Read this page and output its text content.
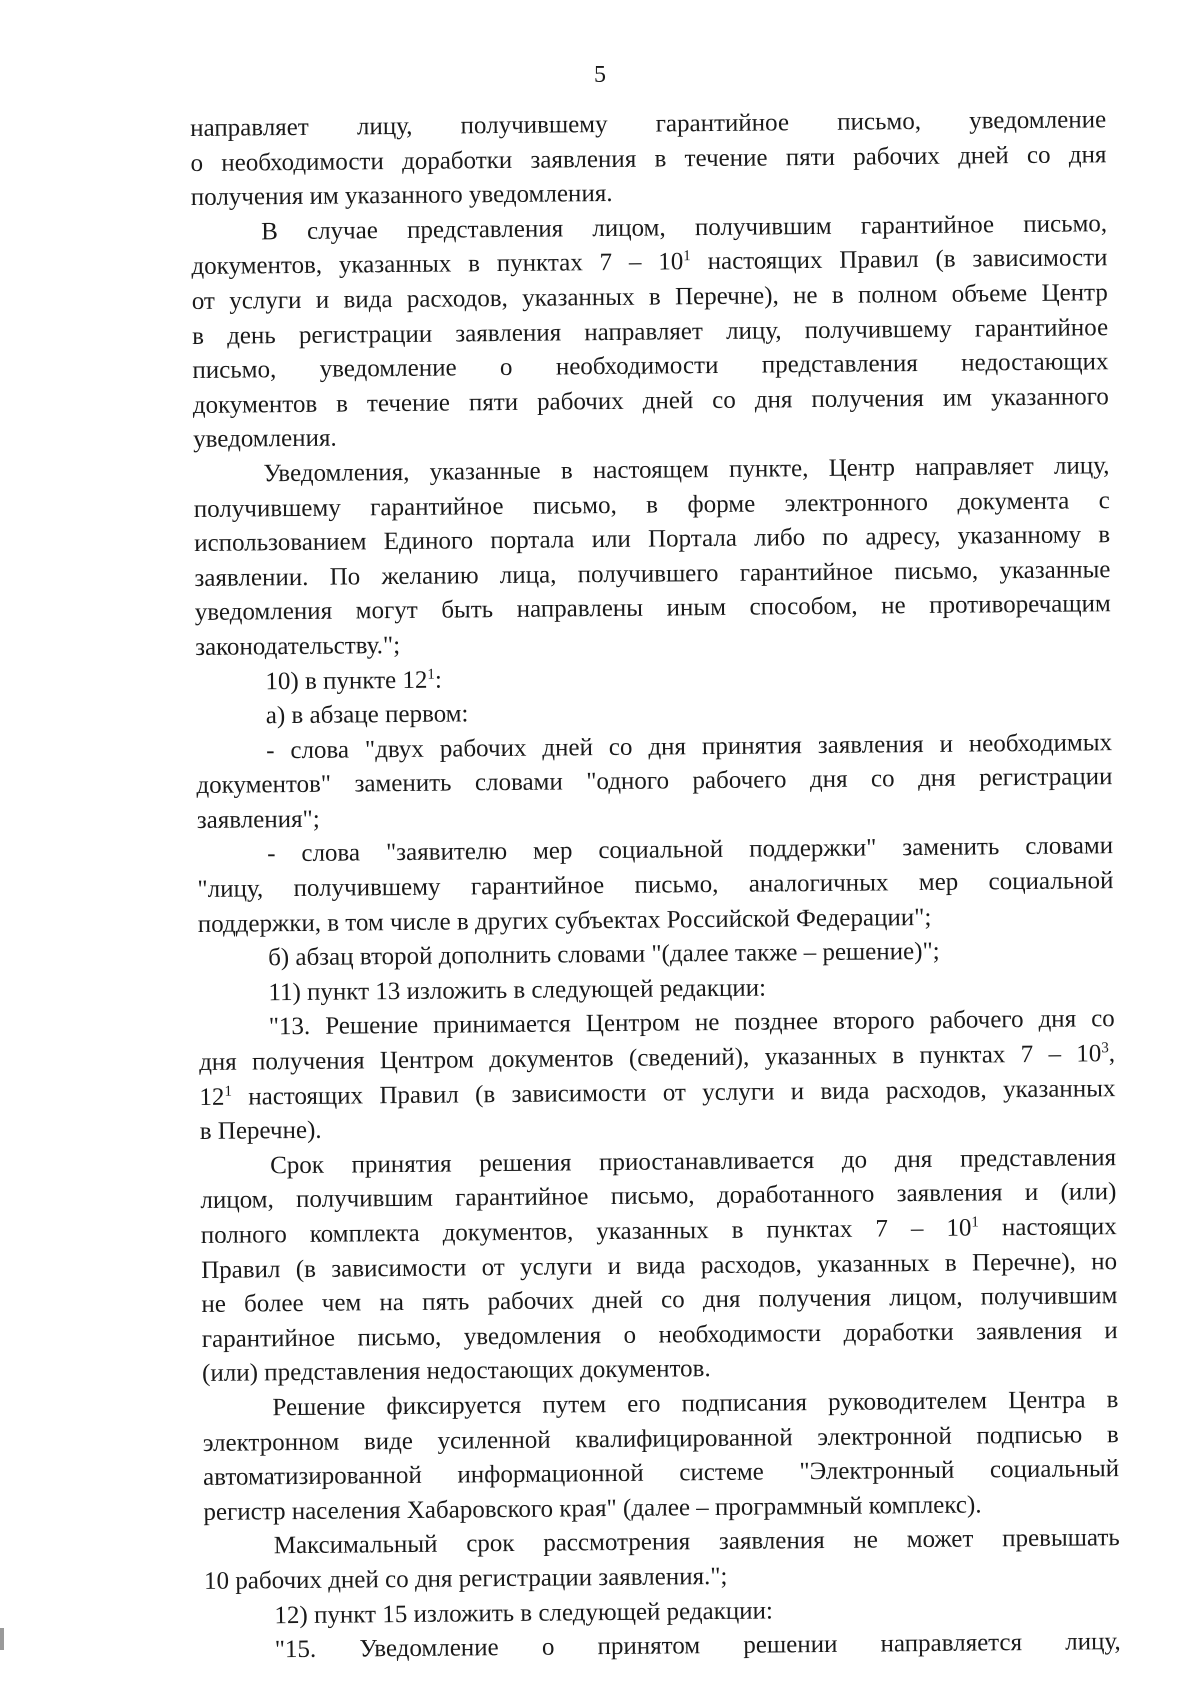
5
направляет лицу, получившему гарантийное письмо, уведомление
о необходимости доработки заявления в течение пяти рабочих дней со дня
получения им указанного уведомления.
В случае представления лицом, получившим гарантийное письмо,
документов, указанных в пунктах $7 - 10^1$ настоящих Правил (в зависимости
от услуги и вида расходов, указанных в Перечне), не в полном объеме Центр
в день регистрации заявления направляет лицу, получившему гарантийное
письмо, уведомление о необходимости представления недостающих
документов в течение пяти рабочих дней со дня получения им указанного
уведомления.
Уведомления, указанные в настоящем пункте, Центр направляет лицу,
получившему гарантийное письмо, в форме электронного документа с
использованием Единого портала или Портала либо по адресу, указанному в
заявлении. По желанию лица, получившего гарантийное письмо, указанные
уведомления могут быть направлены иным способом, не противоречащим
законодательству.";
10) в пункте $12^1$:
а) в абзаце первом:
- слова "двух рабочих дней со дня принятия заявления и необходимых
документов" заменить словами "одного рабочего дня со дня регистрации
заявления";
- слова "заявителю мер социальной поддержки" заменить словами
"лицу, получившему гарантийное письмо, аналогичных мер социальной
поддержки, в том числе в других субъектах Российской Федерации";
б) абзац второй дополнить словами "(далее также – решение)";
11) пункт 13 изложить в следующей редакции:
"13. Решение принимается Центром не позднее второго рабочего дня со
дня получения Центром документов (сведений), указанных в пунктах $7 - 10^3$,
$12^1$ настоящих Правил (в зависимости от услуги и вида расходов, указанных
в Перечне).
Срок принятия решения приостанавливается до дня представления
лицом, получившим гарантийное письмо, доработанного заявления и (или)
полного комплекта документов, указанных в пунктах $7 - 10^1$ настоящих
Правил (в зависимости от услуги и вида расходов, указанных в Перечне), но
не более чем на пять рабочих дней со дня получения лицом, получившим
гарантийное письмо, уведомления о необходимости доработки заявления и
(или) представления недостающих документов.
Решение фиксируется путем его подписания руководителем Центра в
электронном виде усиленной квалифицированной электронной подписью в
автоматизированной информационной системе "Электронный социальный
регистр населения Хабаровского края" (далее – программный комплекс).
Максимальный срок рассмотрения заявления не может превышать
10 рабочих дней со дня регистрации заявления.";
12) пункт 15 изложить в следующей редакции:
"15. Уведомление о принятом решении направляется лицу,
